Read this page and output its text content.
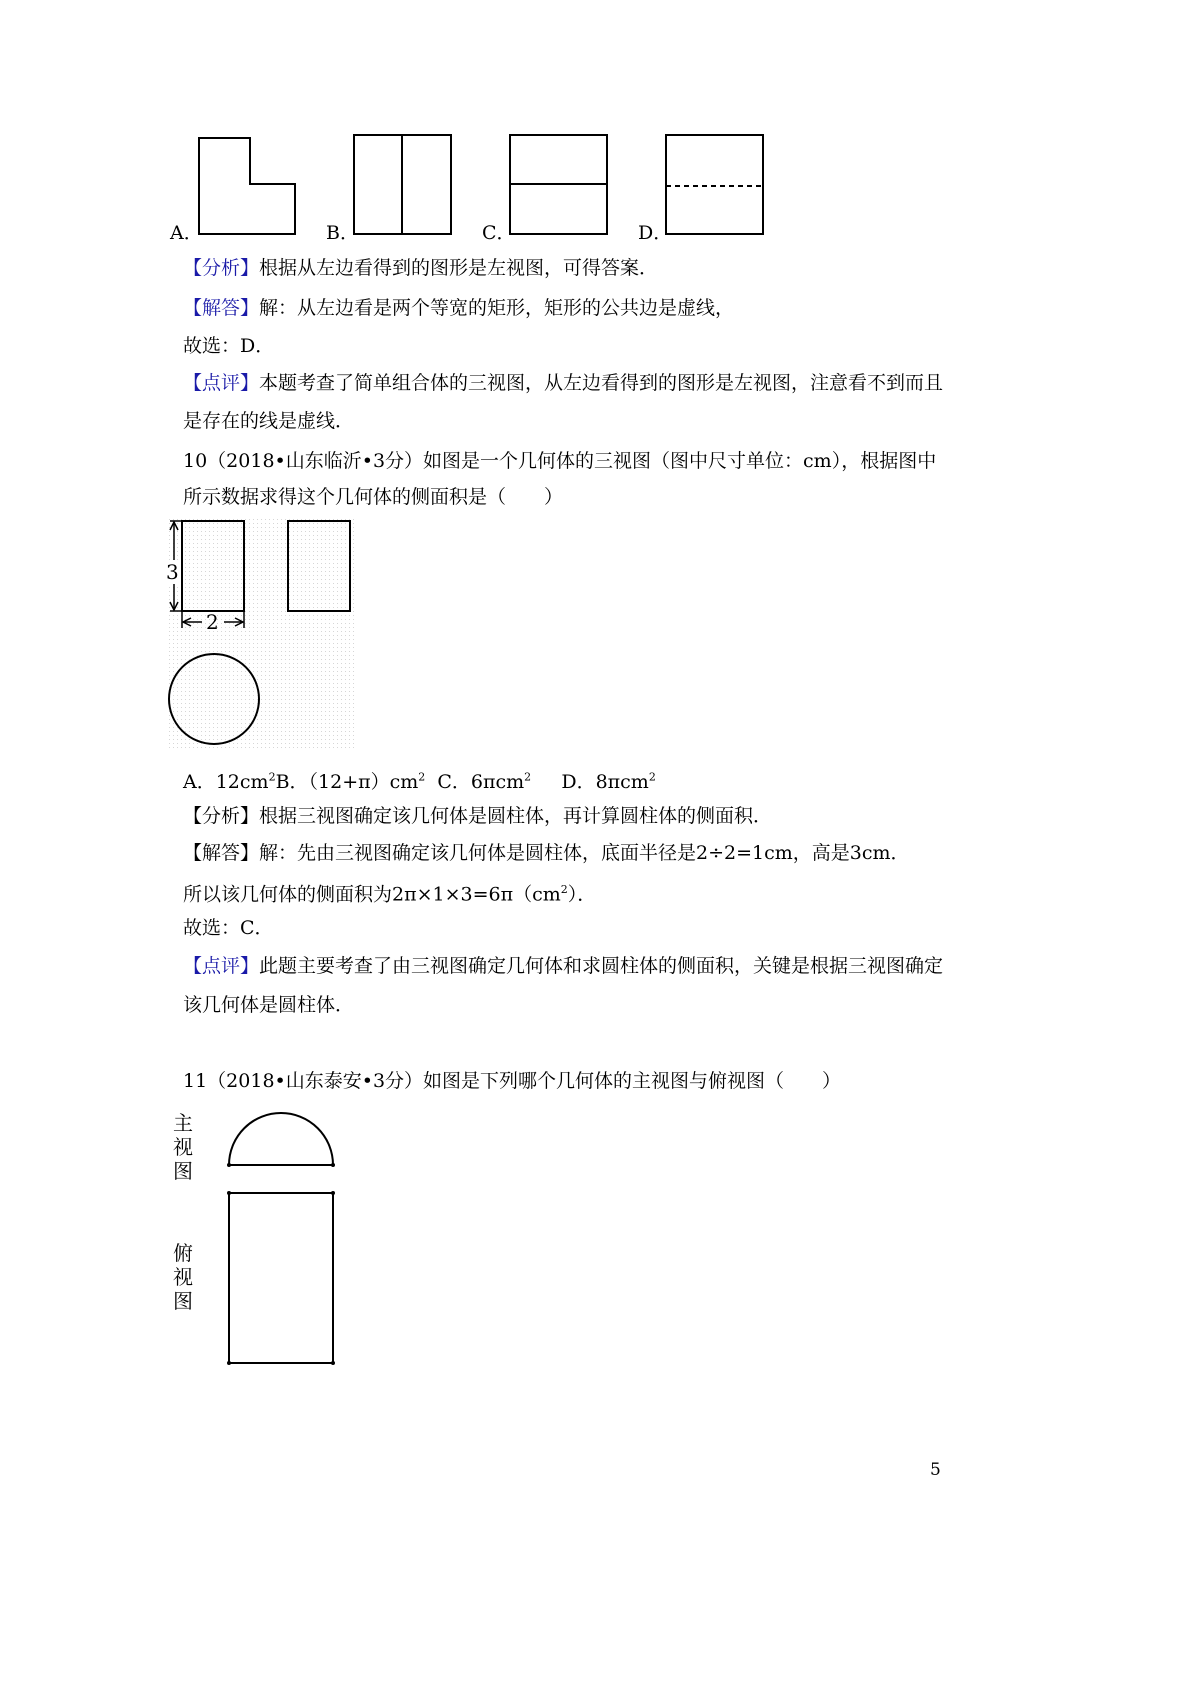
A．	B．	C．	D．
【分析】根据从左边看得到的图形是左视图，可得答案．
【解答】解：从左边看是两个等宽的矩形，矩形的公共边是虚线，
故选：D．
【点评】本题考查了简单组合体的三视图，从左边看得到的图形是左视图，注意看不到而且
是存在的线是虚线．
10（2018•山东临沂•3分）如图是一个几何体的三视图（图中尺寸单位：cm），根据图中
所示数据求得这个几何体的侧面积是（　　）
3
2
A．$12cm^2B$．$(12+\pi)cm^2$ C．6πcm$^2$ D．8πcm$^2$
【分析】根据三视图确定该几何体是圆柱体，再计算圆柱体的侧面积．
【解答】解：先由三视图确定该几何体是圆柱体，底面半径是2÷2=1cm，高是3cm．
所以该几何体的侧面积为$2\pi\times 1\times 3=6\pi(cm^2)$．
故选：C．
【点评】此题主要考查了由三视图确定几何体和求圆柱体的侧面积，关键是根据三视图确定
该几何体是圆柱体．
11（2018•山东泰安•3分）如图是下列哪个几何体的主视图与俯视图（　　）
主
视
图
俯
视
图
5
